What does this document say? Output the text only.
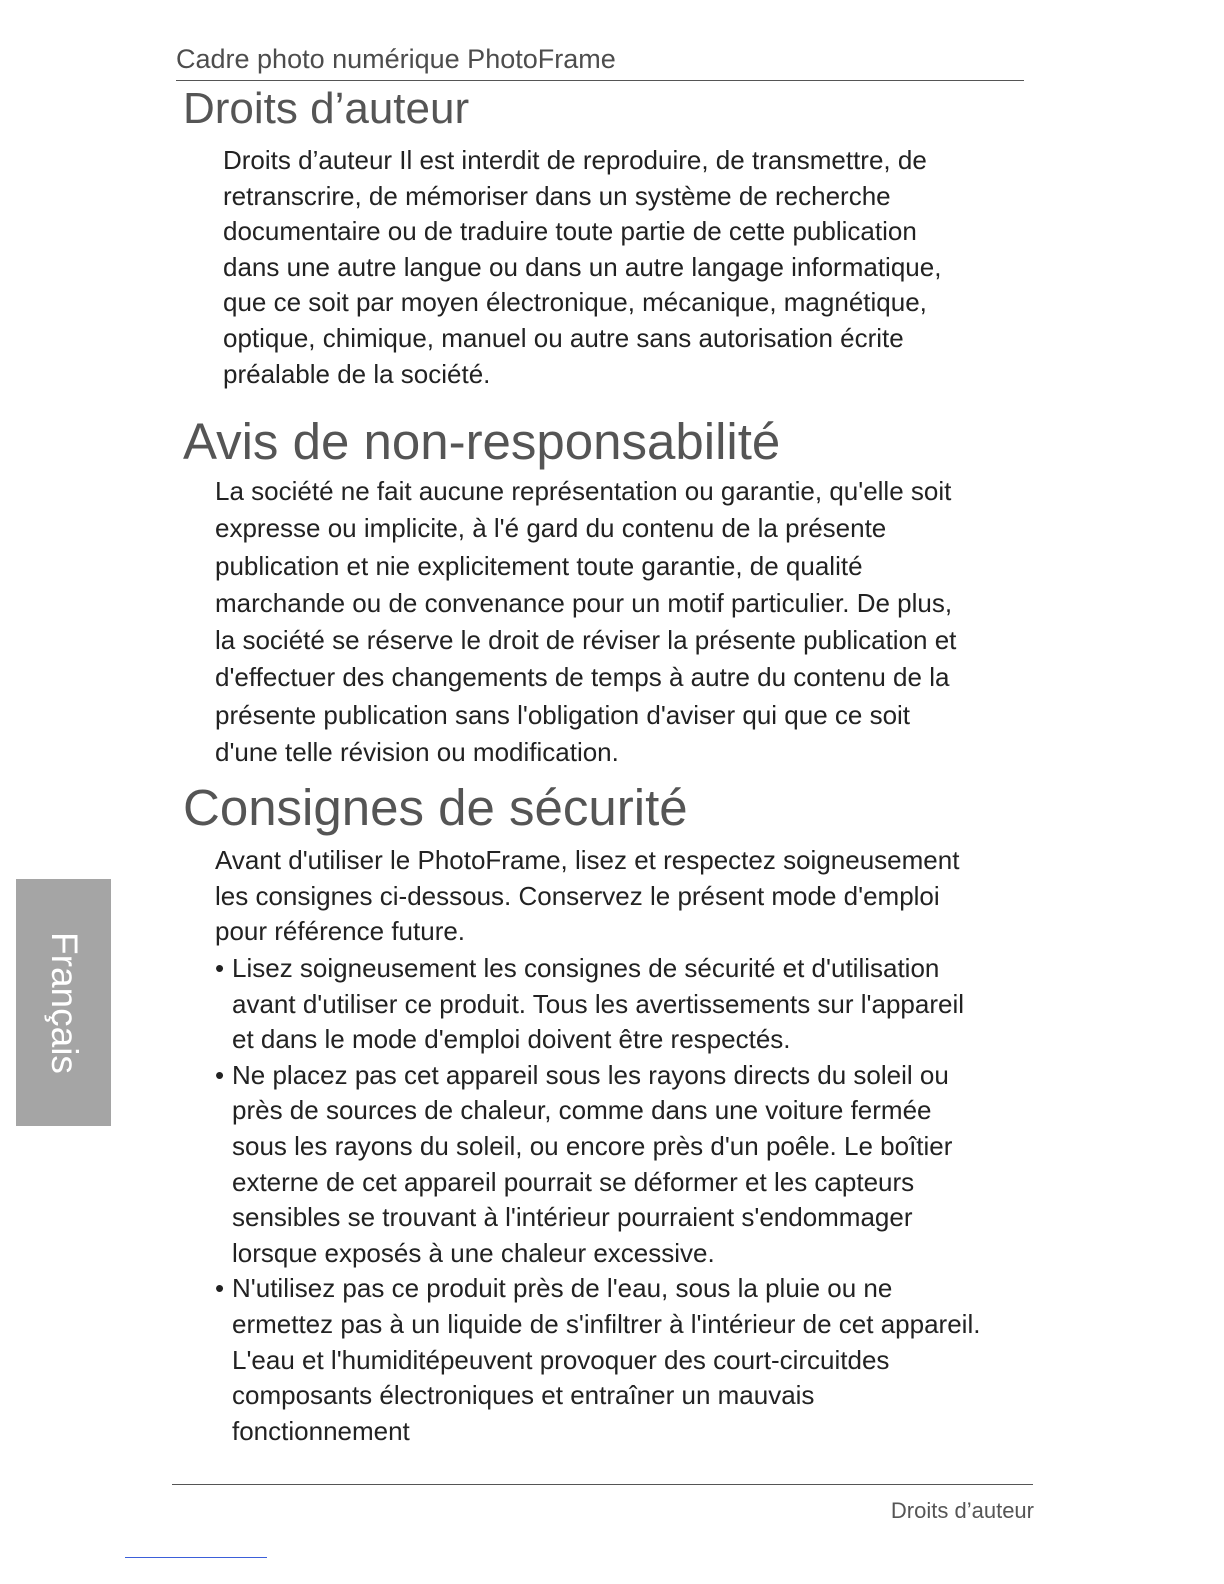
Cadre photo numérique PhotoFrame
Droits d’auteur
Droits d’auteur Il est interdit de reproduire, de transmettre, de
retranscrire, de mémoriser dans un système de recherche
documentaire ou de traduire toute partie de cette publication
dans une autre langue ou dans un autre langage informatique,
que ce soit par moyen électronique, mécanique, magnétique,
optique, chimique, manuel ou autre sans autorisation écrite
préalable de la société.
Avis de non-responsabilité
La société ne fait aucune représentation ou garantie, qu'elle soit
expresse ou implicite, à l'é gard du contenu de la présente
publication et nie explicitement toute garantie, de qualité
marchande ou de convenance pour un motif particulier. De plus,
la société se réserve le droit de réviser la présente publication et
d'effectuer des changements de temps à autre du contenu de la
présente publication sans l'obligation d'aviser qui que ce soit
d'une telle révision ou modification.
Consignes de sécurité
Avant d'utiliser le PhotoFrame, lisez et respectez soigneusement
les consignes ci-dessous. Conservez le présent mode d'emploi
pour référence future.
• Lisez soigneusement les consignes de sécurité et d'utilisation
avant d'utiliser ce produit. Tous les avertissements sur l'appareil
et dans le mode d'emploi doivent être respectés.
• Ne placez pas cet appareil sous les rayons directs du soleil ou
près de sources de chaleur, comme dans une voiture fermée
sous les rayons du soleil, ou encore près d'un poêle. Le boîtier
externe de cet appareil pourrait se déformer et les capteurs
sensibles se trouvant à l'intérieur pourraient s'endommager
lorsque exposés à une chaleur excessive.
• N'utilisez pas ce produit près de l'eau, sous la pluie ou ne
ermettez pas à un liquide de s'infiltrer à l'intérieur de cet appareil.
L'eau et l'humiditépeuvent provoquer des court-circuitdes
composants électroniques et entraîner un mauvais
fonctionnement
Français
Droits d’auteur
